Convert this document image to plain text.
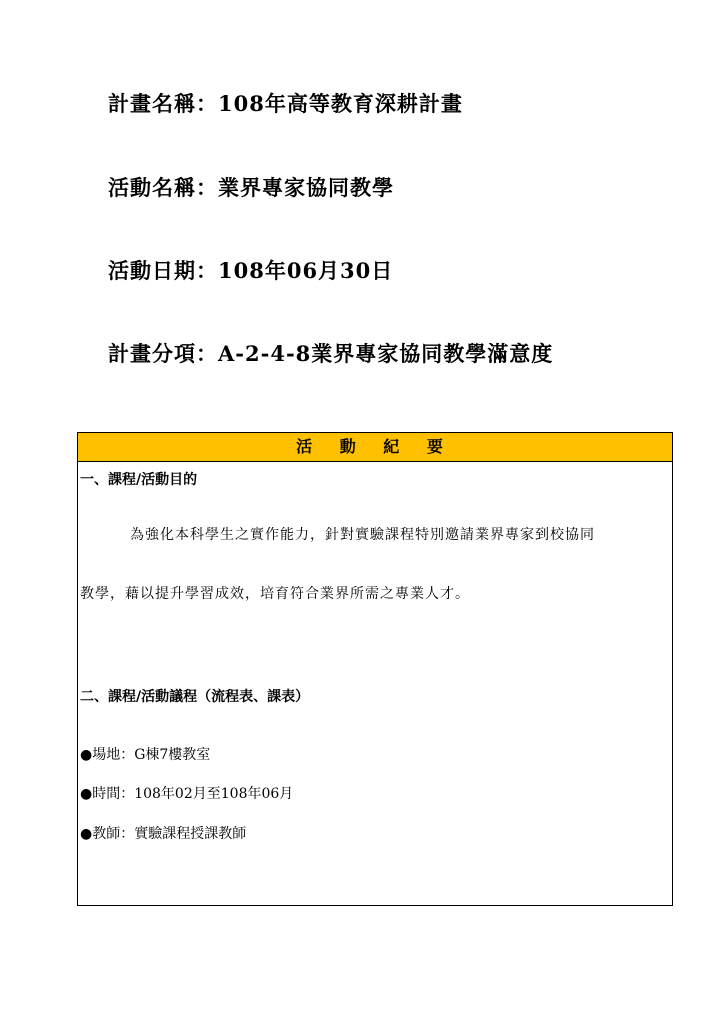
計畫名稱：108年高等教育深耕計畫
活動名稱：業界專家協同教學
活動日期：108年06月30日
計畫分項：A-2-4-8業界專家協同教學滿意度
活 動 紀 要
一、課程/活動目的
為強化本科學生之實作能力，針對實驗課程特別邀請業界專家到校協同
教學，藉以提升學習成效，培育符合業界所需之專業人才。
二、課程/活動議程（流程表、課表）
●場地：G棟7樓教室
●時間：108年02月至108年06月
●教師：實驗課程授課教師
